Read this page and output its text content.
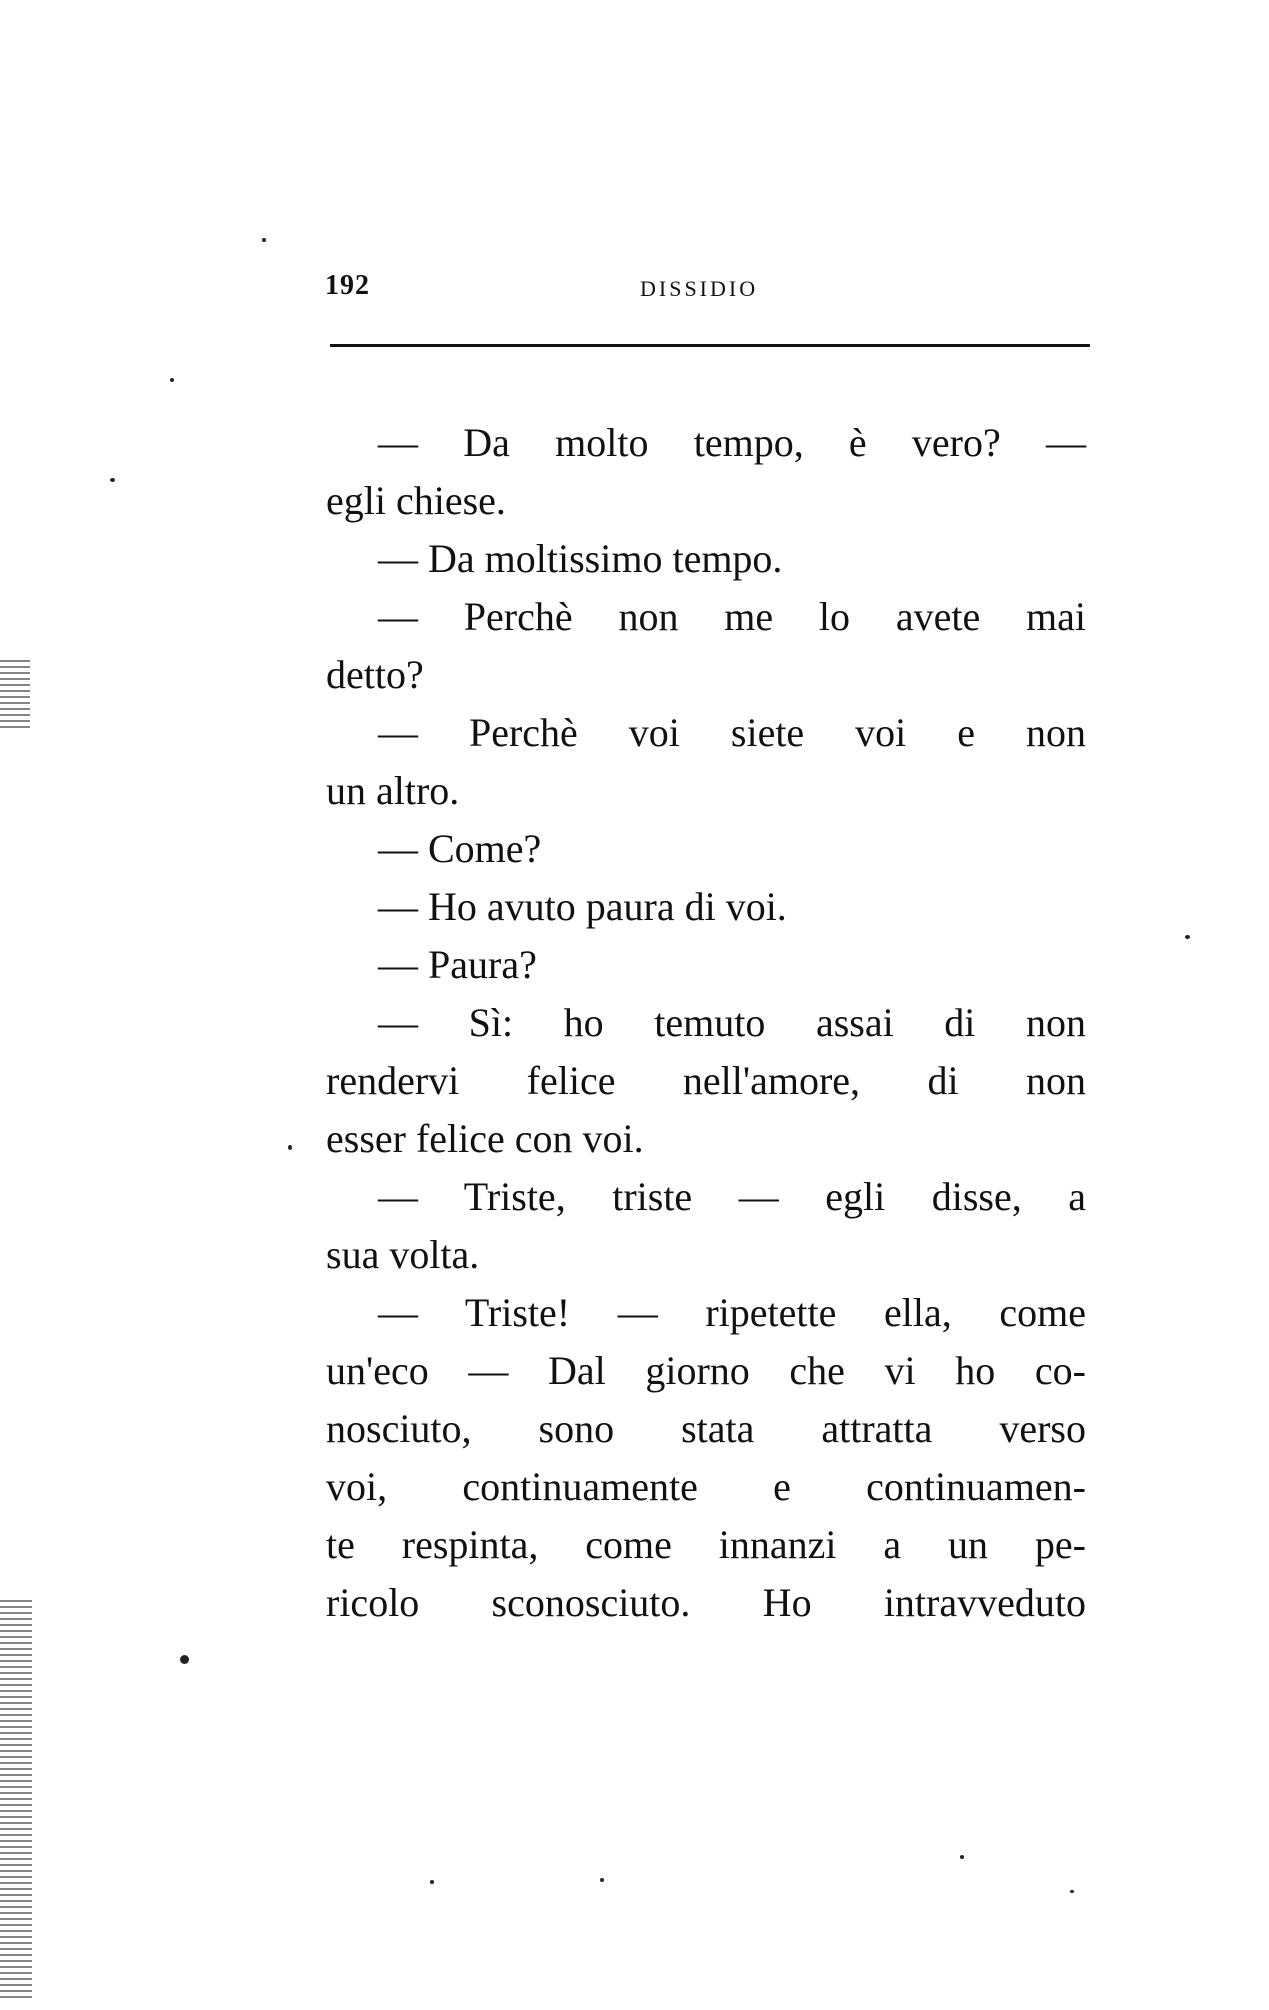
192	DISSIDIO
— Da molto tempo, è vero? —
egli chiese.
— Da moltissimo tempo.
— Perchè non me lo avete mai
detto?
— Perchè voi siete voi e non
un altro.
— Come?
— Ho avuto paura di voi.
— Paura?
— Sì: ho temuto assai di non
rendervi felice nell'amore, di non
esser felice con voi.
— Triste, triste — egli disse, a
sua volta.
— Triste! — ripetette ella, come
un'eco — Dal giorno che vi ho co-
nosciuto, sono stata attratta verso
voi, continuamente e continuamen-
te respinta, come innanzi a un pe-
ricolo sconosciuto. Ho intravveduto
